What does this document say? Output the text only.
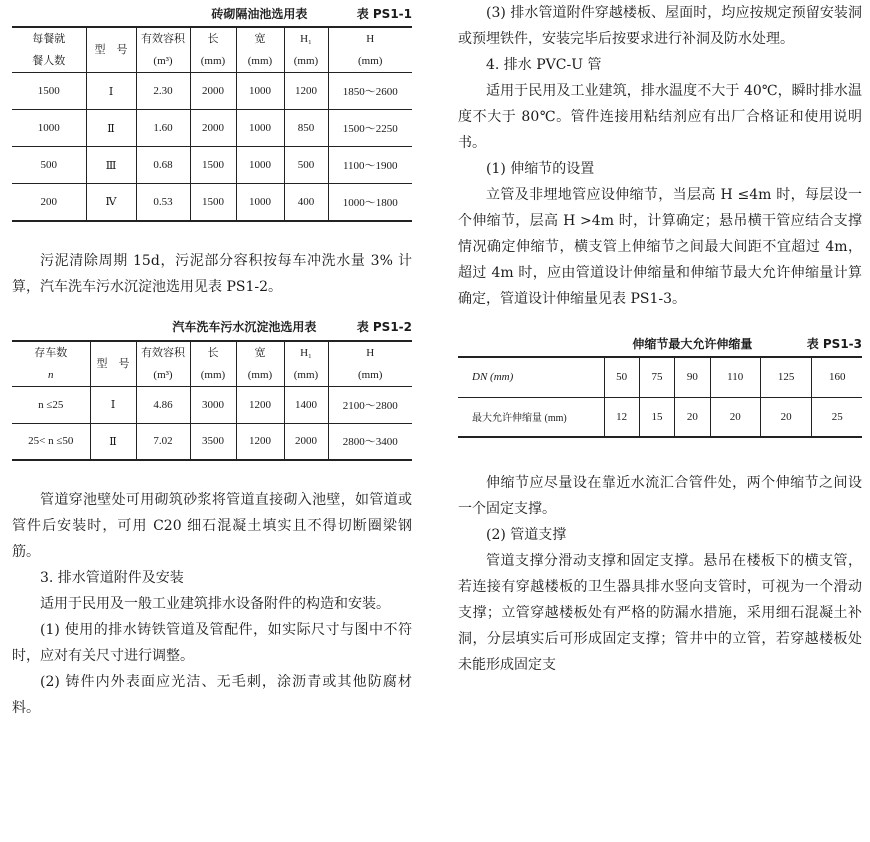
砖砌隔油池选用表	表 PS1-1
每餐就	型　号	有效容积	长	宽	H₁	H
餐人数		(m³)	(mm)	(mm)	(mm)	(mm)
1500	Ⅰ	2.30	2000	1000	1200	1850～2600
1000	Ⅱ	1.60	2000	1000	850	1500～2250
500	Ⅲ	0.68	1500	1000	500	1100～1900
200	Ⅳ	0.53	1500	1000	400	1000～1800

污泥清除周期 15d，污泥部分容积按每车冲洗水量 3% 计算，汽车洗车污水沉淀池选用见表 PS1-2。

汽车洗车污水沉淀池选用表	表 PS1-2
存车数	型　号	有效容积	长	宽	H₁	H
n		(m³)	(mm)	(mm)	(mm)	(mm)
n ≤25	Ⅰ	4.86	3000	1200	1400	2100～2800
25< n ≤50	Ⅱ	7.02	3500	1200	2000	2800～3400

管道穿池壁处可用砌筑砂浆将管道直接砌入池壁，如管道或管件后安装时，可用 C20 细石混凝土填实且不得切断圈梁钢筋。

3. 排水管道附件及安装

适用于民用及一般工业建筑排水设备附件的构造和安装。

(1) 使用的排水铸铁管道及管配件，如实际尺寸与图中不符时，应对有关尺寸进行调整。

(2) 铸件内外表面应光洁、无毛刺，涂沥青或其他防腐材料。

(3) 排水管道附件穿越楼板、屋面时，均应按规定预留安装洞或预埋铁件，安装完毕后按要求进行补洞及防水处理。

4. 排水 PVC-U 管

适用于民用及工业建筑，排水温度不大于 40℃，瞬时排水温度不大于 80℃。管件连接用粘结剂应有出厂合格证和使用说明书。

(1) 伸缩节的设置

立管及非埋地管应设伸缩节，当层高 H ≤4m 时，每层设一个伸缩节，层高 H >4m 时，计算确定；悬吊横干管应结合支撑情况确定伸缩节，横支管上伸缩节之间最大间距不宜超过 4m，超过 4m 时，应由管道设计伸缩量和伸缩节最大允许伸缩量计算确定，管道设计伸缩量见表 PS1-3。

伸缩节最大允许伸缩量	表 PS1-3
DN (mm)	50	75	90	110	125	160
最大允许伸缩量 (mm)	12	15	20	20	20	25

伸缩节应尽量设在靠近水流汇合管件处，两个伸缩节之间设一个固定支撑。

(2) 管道支撑

管道支撑分滑动支撑和固定支撑。悬吊在楼板下的横支管，若连接有穿越楼板的卫生器具排水竖向支管时，可视为一个滑动支撑；立管穿越楼板处有严格的防漏水措施，采用细石混凝土补洞，分层填实后可形成固定支撑；管井中的立管，若穿越楼板处未能形成固定支
